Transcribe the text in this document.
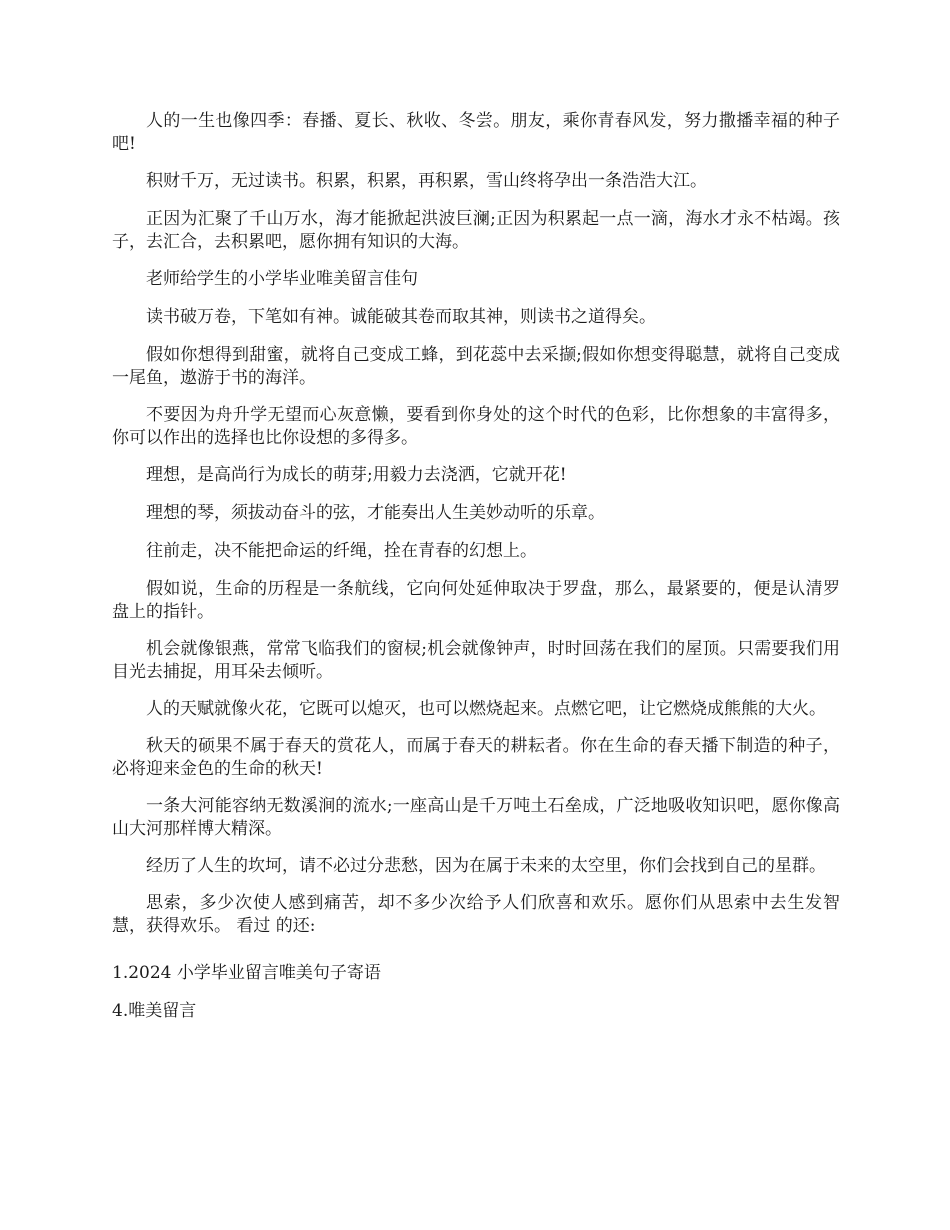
人的一生也像四季：春播、夏长、秋收、冬尝。朋友，乘你青春风发，努力撒播幸福的种子吧!

积财千万，无过读书。积累，积累，再积累，雪山终将孕出一条浩浩大江。

正因为汇聚了千山万水，海才能掀起洪波巨澜;正因为积累起一点一滴，海水才永不枯竭。孩子，去汇合，去积累吧，愿你拥有知识的大海。

老师给学生的小学毕业唯美留言佳句

读书破万卷，下笔如有神。诚能破其卷而取其神，则读书之道得矣。

假如你想得到甜蜜，就将自己变成工蜂，到花蕊中去采撷;假如你想变得聪慧，就将自己变成一尾鱼，遨游于书的海洋。

不要因为舟升学无望而心灰意懒，要看到你身处的这个时代的色彩，比你想象的丰富得多，你可以作出的选择也比你设想的多得多。

理想，是高尚行为成长的萌芽;用毅力去浇洒，它就开花!

理想的琴，须拔动奋斗的弦，才能奏出人生美妙动听的乐章。

往前走，决不能把命运的纤绳，拴在青春的幻想上。

假如说，生命的历程是一条航线，它向何处延伸取决于罗盘，那么，最紧要的，便是认清罗盘上的指针。

机会就像银燕，常常飞临我们的窗棂;机会就像钟声，时时回荡在我们的屋顶。只需要我们用目光去捕捉，用耳朵去倾听。

人的天赋就像火花，它既可以熄灭，也可以燃烧起来。点燃它吧，让它燃烧成熊熊的大火。

秋天的硕果不属于春天的赏花人，而属于春天的耕耘者。你在生命的春天播下制造的种子，必将迎来金色的生命的秋天!

一条大河能容纳无数溪涧的流水;一座高山是千万吨土石垒成，广泛地吸收知识吧，愿你像高山大河那样博大精深。

经历了人生的坎坷，请不必过分悲愁，因为在属于未来的太空里，你们会找到自己的星群。

思索，多少次使人感到痛苦，却不多少次给予人们欣喜和欢乐。愿你们从思索中去生发智慧，获得欢乐。 看过 的还:

1.2024 小学毕业留言唯美句子寄语

4.唯美留言
